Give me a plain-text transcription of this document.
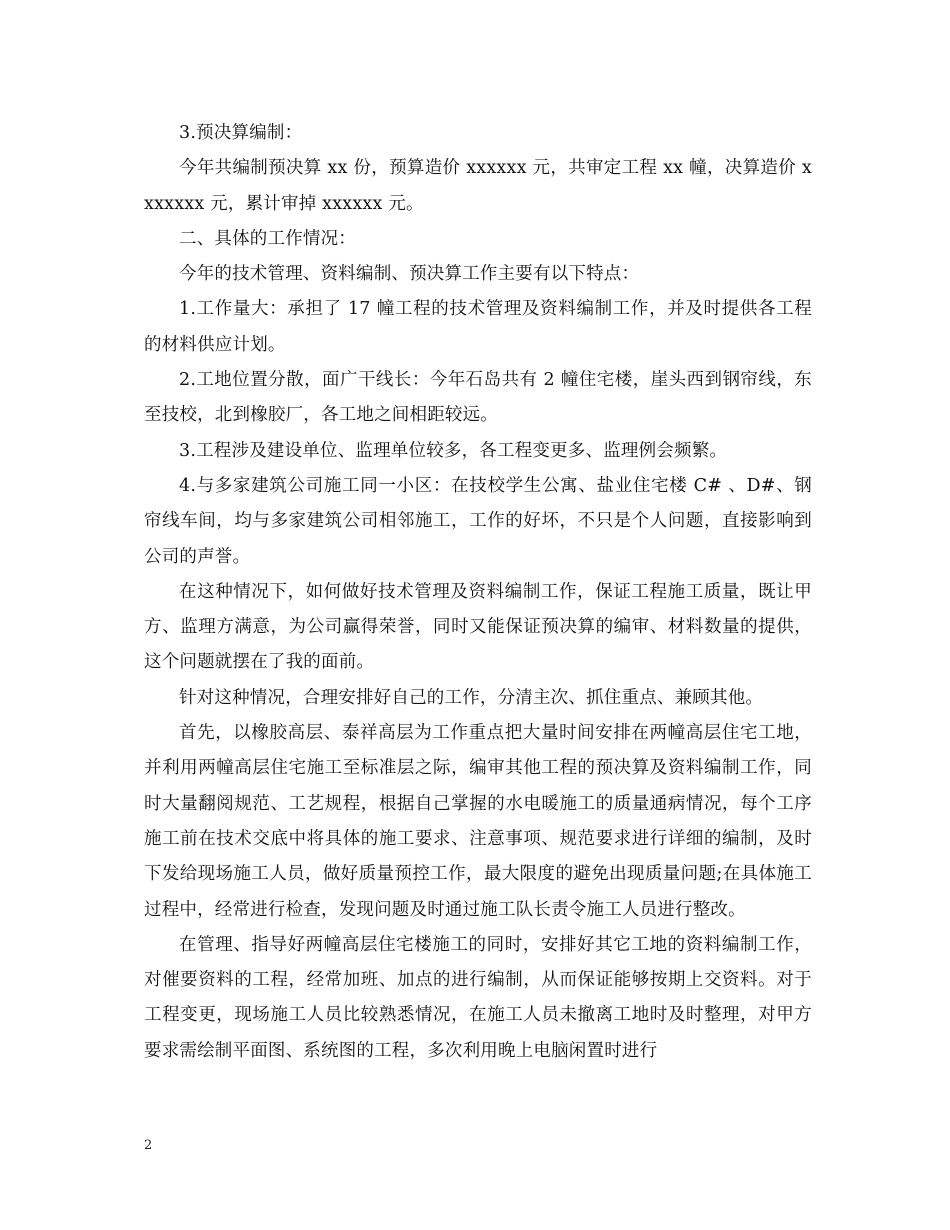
3.预决算编制：

今年共编制预决算 xx 份，预算造价 xxxxxx 元，共审定工程 xx 幢，决算造价 xxxxxxx 元，累计审掉 xxxxxx 元。

二、具体的工作情况：

今年的技术管理、资料编制、预决算工作主要有以下特点：

1.工作量大：承担了 17 幢工程的技术管理及资料编制工作，并及时提供各工程的材料供应计划。

2.工地位置分散，面广干线长：今年石岛共有 2 幢住宅楼，崖头西到钢帘线，东至技校，北到橡胶厂，各工地之间相距较远。

3.工程涉及建设单位、监理单位较多，各工程变更多、监理例会频繁。

4.与多家建筑公司施工同一小区：在技校学生公寓、盐业住宅楼 C# 、D#、钢帘线车间，均与多家建筑公司相邻施工，工作的好坏，不只是个人问题，直接影响到公司的声誉。

在这种情况下，如何做好技术管理及资料编制工作，保证工程施工质量，既让甲方、监理方满意，为公司赢得荣誉，同时又能保证预决算的编审、材料数量的提供，这个问题就摆在了我的面前。

针对这种情况，合理安排好自己的工作，分清主次、抓住重点、兼顾其他。

首先，以橡胶高层、泰祥高层为工作重点把大量时间安排在两幢高层住宅工地，并利用两幢高层住宅施工至标准层之际，编审其他工程的预决算及资料编制工作，同时大量翻阅规范、工艺规程，根据自己掌握的水电暖施工的质量通病情况，每个工序施工前在技术交底中将具体的施工要求、注意事项、规范要求进行详细的编制，及时下发给现场施工人员，做好质量预控工作，最大限度的避免出现质量问题;在具体施工过程中，经常进行检查，发现问题及时通过施工队长责令施工人员进行整改。

在管理、指导好两幢高层住宅楼施工的同时，安排好其它工地的资料编制工作，对催要资料的工程，经常加班、加点的进行编制，从而保证能够按期上交资料。对于工程变更，现场施工人员比较熟悉情况，在施工人员未撤离工地时及时整理，对甲方要求需绘制平面图、系统图的工程，多次利用晚上电脑闲置时进行

2
